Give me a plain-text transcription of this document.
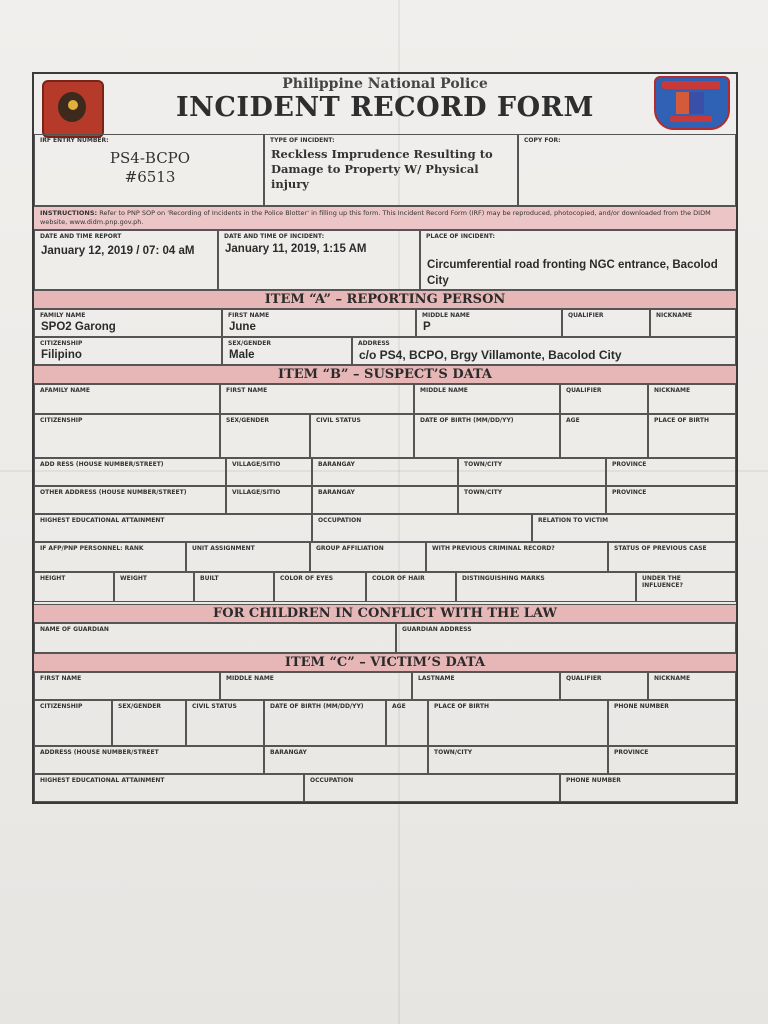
Philippine National Police
INCIDENT RECORD FORM
IRF ENTRY NUMBER:
PS4-BCPO
#6513
TYPE OF INCIDENT:
Reckless Imprudence Resulting to Damage to Property W/ Physical injury
COPY FOR:
INSTRUCTIONS: Refer to PNP SOP on 'Recording of Incidents in the Police Blotter' in filling up this form. This Incident Record Form (IRF) may be reproduced, photocopied, and/or downloaded from the DIDM website, www.didm.pnp.gov.ph.
DATE AND TIME REPORT
January 12, 2019 / 07: 04 aM
DATE AND TIME OF INCIDENT:
January 11, 2019, 1:15 AM
PLACE OF INCIDENT:
Circumferential road fronting NGC entrance, Bacolod City
ITEM “A” – REPORTING PERSON
FAMILY NAME
SPO2 Garong
FIRST NAME
June
MIDDLE NAME
P
QUALIFIER	NICKNAME
CITIZENSHIP
Filipino
SEX/GENDER
Male
ADDRESS
c/o PS4, BCPO, Brgy Villamonte, Bacolod City
ITEM “B” – SUSPECT’S DATA
AFAMILY NAME	FIRST NAME	MIDDLE NAME	QUALIFIER	NICKNAME
CITIZENSHIP	SEX/GENDER	CIVIL STATUS	DATE OF BIRTH (MM/DD/YY)	AGE	PLACE OF BIRTH
ADD RESS (HOUSE NUMBER/STREET)	VILLAGE/SITIO	BARANGAY	TOWN/CITY	PROVINCE
OTHER ADDRESS (HOUSE NUMBER/STREET)	VILLAGE/SITIO	BARANGAY	TOWN/CITY	PROVINCE
HIGHEST EDUCATIONAL ATTAINMENT	OCCUPATION	RELATION TO VICTIM
IF AFP/PNP PERSONNEL: RANK	UNIT ASSIGNMENT	GROUP AFFILIATION	WITH PREVIOUS CRIMINAL RECORD?	STATUS OF PREVIOUS CASE
HEIGHT	WEIGHT	BUILT	COLOR OF EYES	COLOR OF HAIR	DISTINGUISHING MARKS	UNDER THE INFLUENCE?
FOR CHILDREN IN CONFLICT WITH THE LAW
NAME OF GUARDIAN	GUARDIAN ADDRESS
ITEM “C” – VICTIM’S DATA
FIRST NAME	MIDDLE NAME	LASTNAME	QUALIFIER	NICKNAME
CITIZENSHIP	SEX/GENDER	CIVIL STATUS	DATE OF BIRTH (MM/DD/YY)	AGE	PLACE OF BIRTH	PHONE NUMBER
ADDRESS (HOUSE NUMBER/STREET	BARANGAY	TOWN/CITY	PROVINCE
HIGHEST EDUCATIONAL ATTAINMENT	OCCUPATION	PHONE NUMBER
